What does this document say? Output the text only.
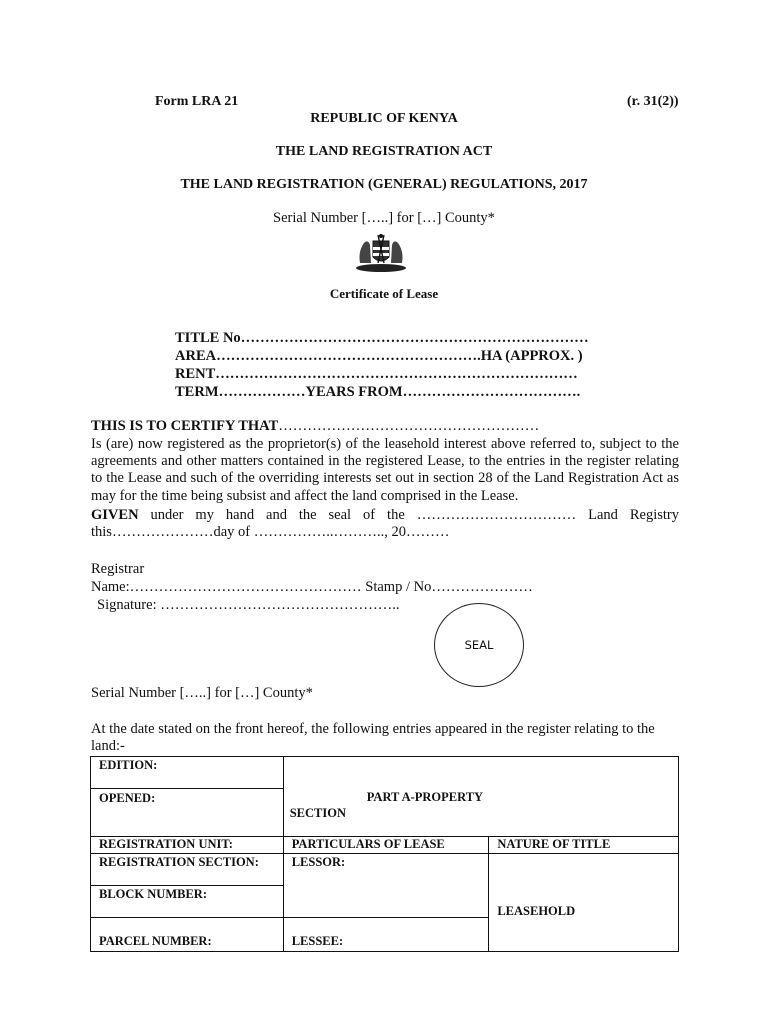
Form LRA 21	(r. 31(2))
REPUBLIC OF KENYA
THE LAND REGISTRATION ACT
THE LAND REGISTRATION (GENERAL) REGULATIONS, 2017
Serial Number […..] for […] County*
Certificate of Lease
TITLE No………………………………………………………………
AREA……………………………………………….HA (APPROX. )
RENT…………………………………………………………………
TERM………………YEARS FROM……………………………….
THIS IS TO CERTIFY THAT………………………………………………
Is (are) now registered as the proprietor(s) of the leasehold interest above referred to, subject to the agreements and other matters contained in the registered Lease, to the entries in the register relating to the Lease and such of the overriding interests set out in section 28 of the Land Registration Act as may for the time being subsist and affect the land comprised in the Lease.
GIVEN under my hand and the seal of the …………………………… Land Registry
this…………………day of ……………..……….., 20………
Registrar
Name:………………………………………… Stamp / No…………………
Signature: …………………………………………..
SEAL
Serial Number […..] for […] County*
At the date stated on the front hereof, the following entries appeared in the register relating to the land:-
EDITION:	PART A-PROPERTY
SECTION	

OPENED:		
REGISTRATION UNIT:	PARTICULARS OF LEASE	NATURE OF TITLE
REGISTRATION SECTION:	LESSOR:	LEASEHOLD
BLOCK NUMBER:		
PARCEL NUMBER:	LESSEE:	
